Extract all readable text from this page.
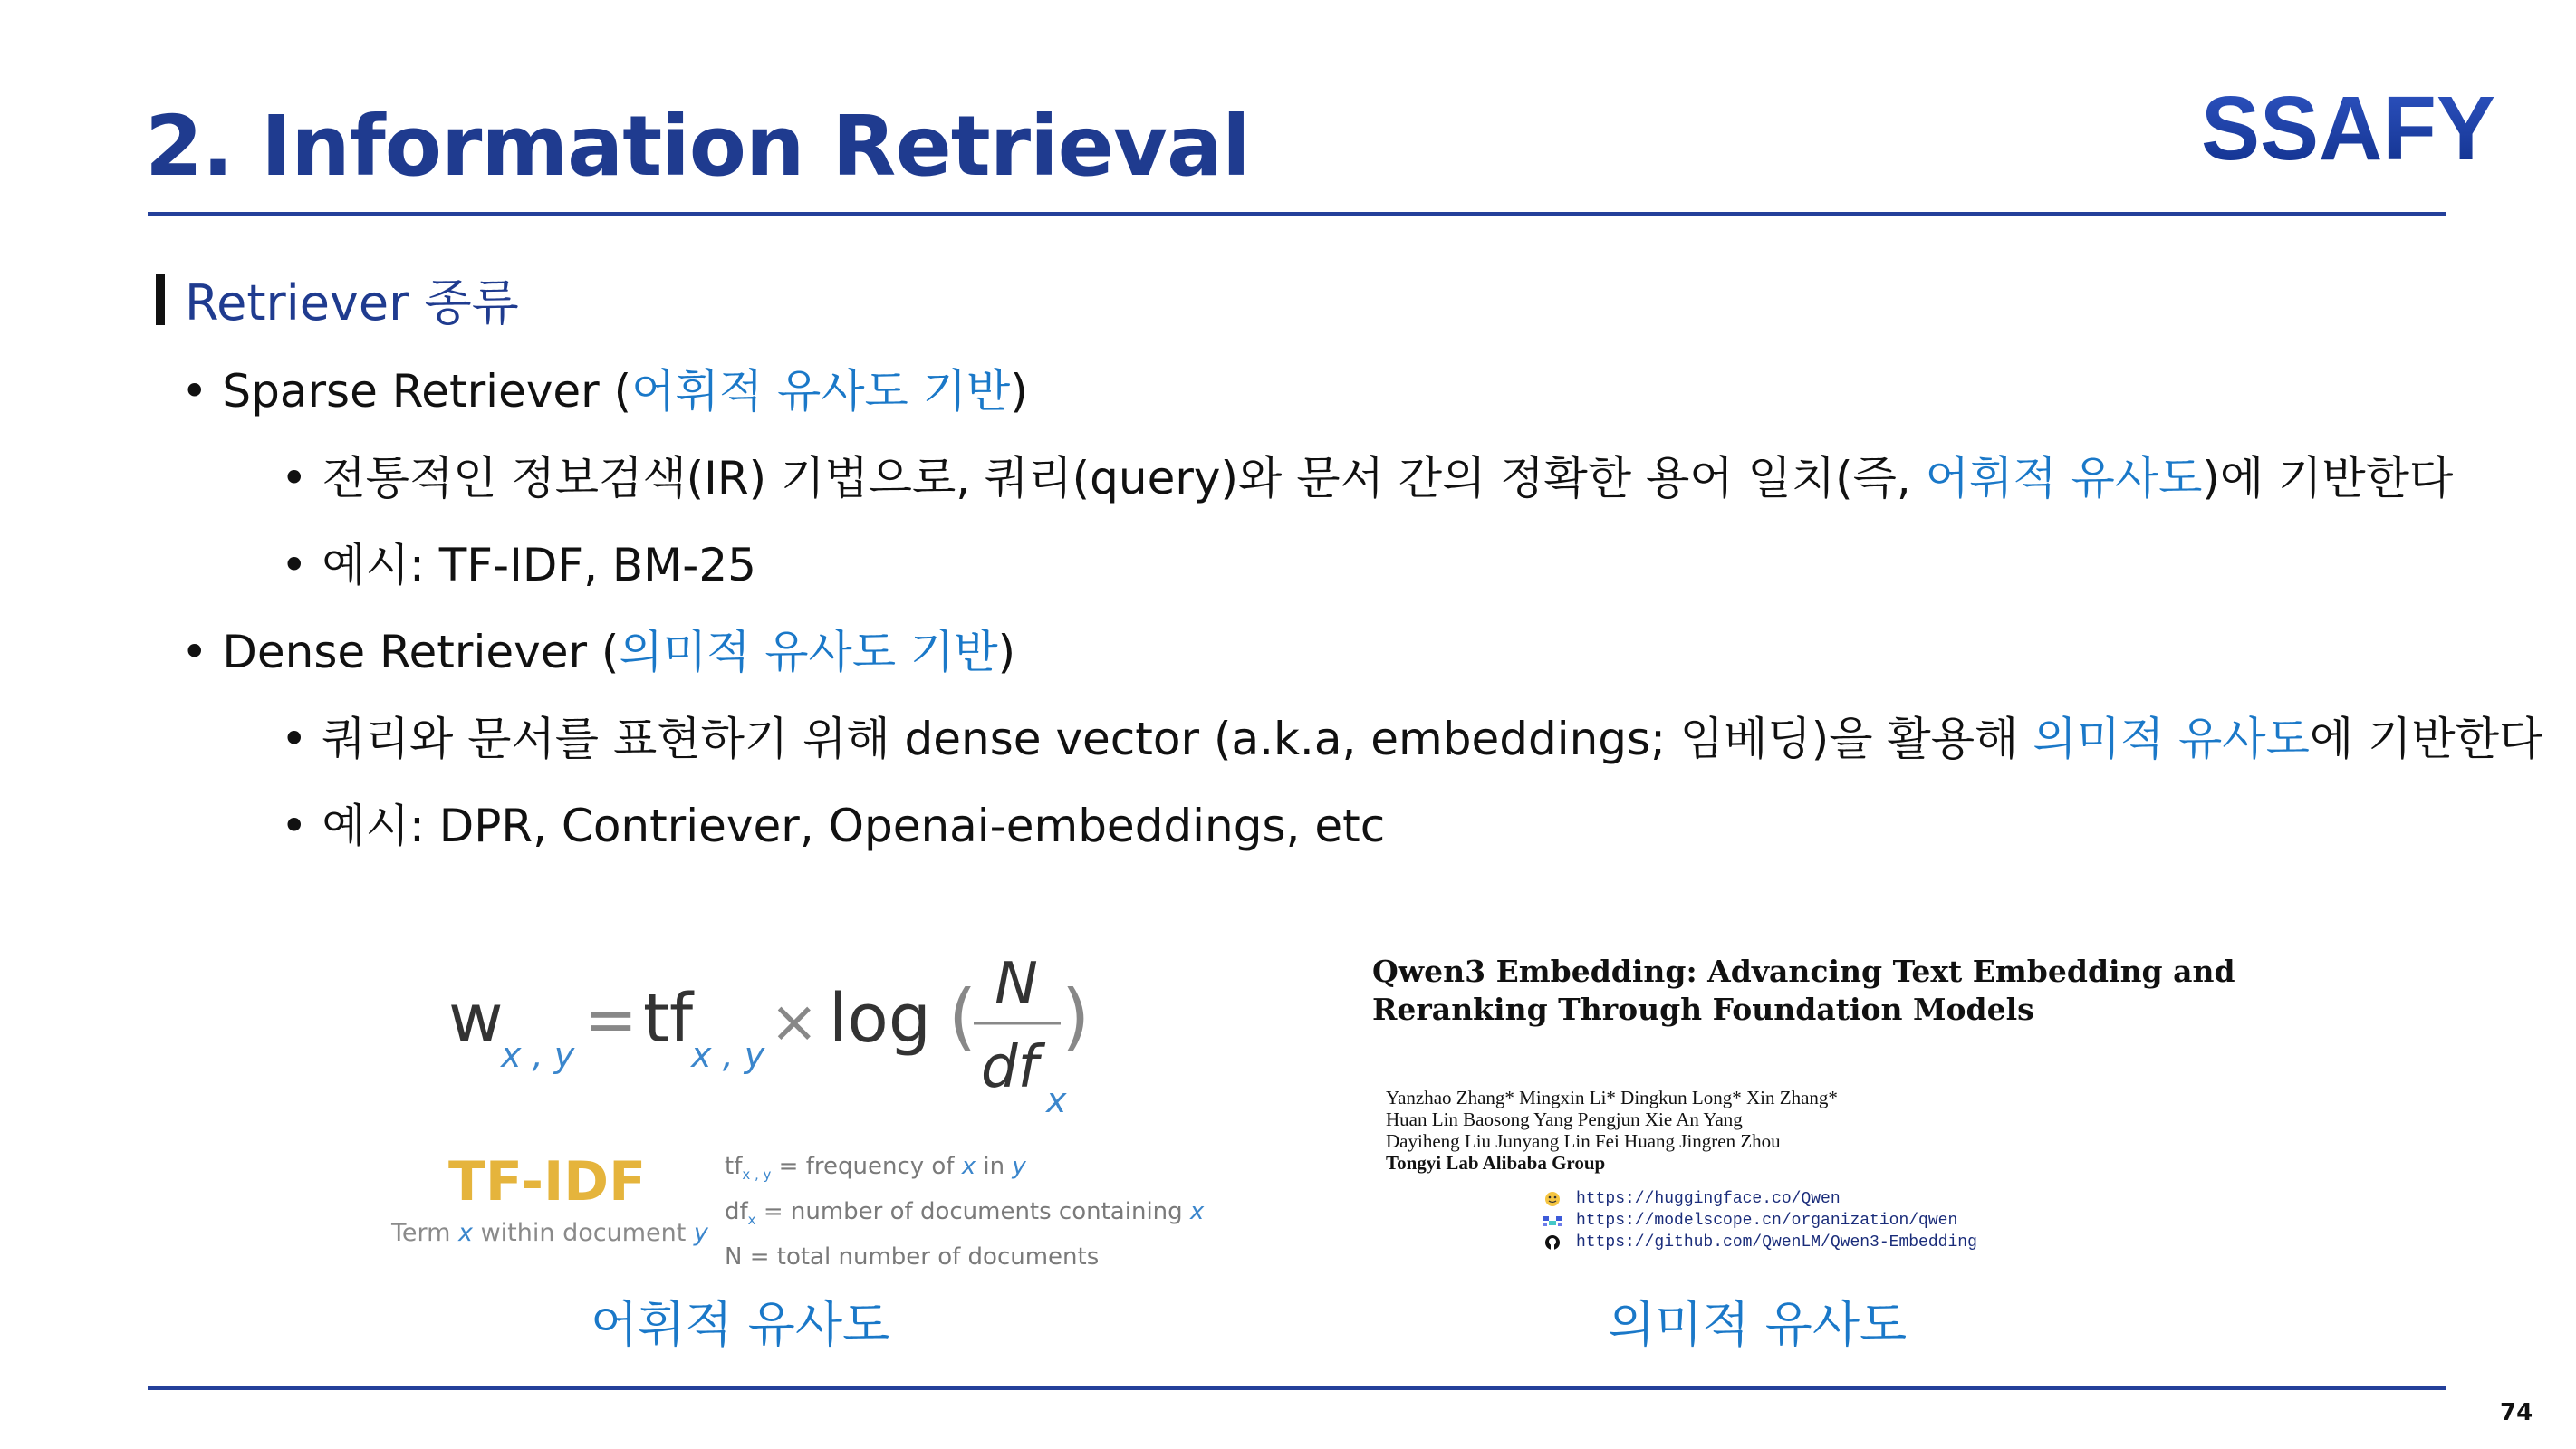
2. Information Retrieval	SSAFY
Retriever 종류
• Sparse Retriever (어휘적 유사도 기반)
• 전통적인 정보검색(IR) 기법으로, 쿼리(query)와 문서 간의 정확한 용어 일치(즉, 어휘적 유사도)에 기반한다
• 예시: TF-IDF, BM-25
• Dense Retriever (의미적 유사도 기반)
• 쿼리와 문서를 표현하기 위해 dense vector (a.k.a, embeddings; 임베딩)을 활용해 의미적 유사도에 기반한다
• 예시: DPR, Contriever, Openai-embeddings, etc
w
x , y = tf
x , y × log ( N
df x
)
TF-IDF
Term x within document y
$tf_{x , y}$ = frequency of x in y
$df_x$ = number of documents containing x
N = total number of documents
어휘적 유사도
Qwen3 Embedding: Advancing Text Embedding and
Reranking Through Foundation Models
Yanzhao Zhang* Mingxin Li* Dingkun Long* Xin Zhang*
Huan Lin Baosong Yang Pengjun Xie An Yang
Dayiheng Liu Junyang Lin Fei Huang Jingren Zhou
Tongyi Lab Alibaba Group
https://huggingface.co/Qwen
https://modelscope.cn/organization/qwen
https://github.com/QwenLM/Qwen3-Embedding
의미적 유사도
74
